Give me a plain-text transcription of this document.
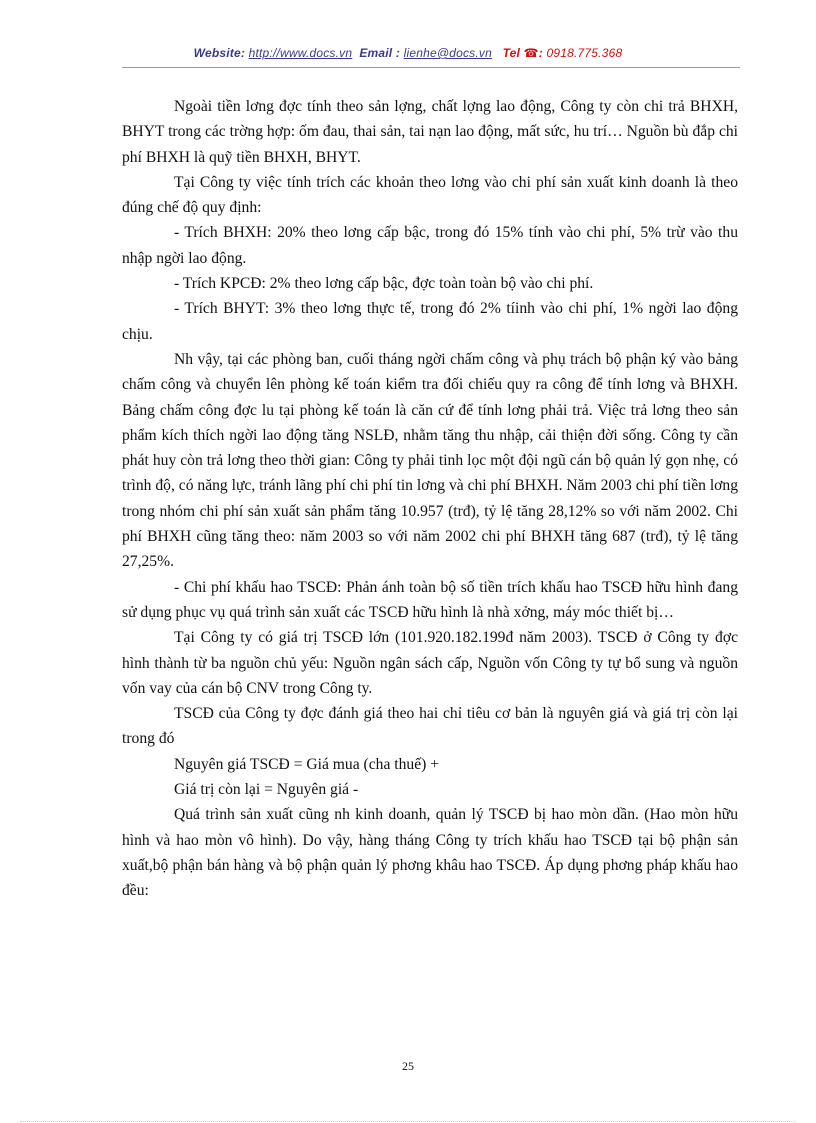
Website: http://www.docs.vn Email : lienhe@docs.vn Tel ☎: 0918.775.368

Ngoài tiền lơng đợc tính theo sản lợng, chất lợng lao động, Công ty còn chi trả BHXH, BHYT trong các trờng hợp: ốm đau, thai sản, tai nạn lao động, mất sức, hu trí… Nguồn bù đắp chi phí BHXH là quỹ tiền BHXH, BHYT.

Tại Công ty việc tính trích các khoản theo lơng vào chi phí sản xuất kinh doanh là theo đúng chế độ quy định:

- Trích BHXH: 20% theo lơng cấp bậc, trong đó 15% tính vào chi phí, 5% trừ vào thu nhập ngời lao động.

- Trích KPCĐ: 2% theo lơng cấp bậc, đợc toàn toàn bộ vào chi phí.

- Trích BHYT: 3% theo lơng thực tế, trong đó 2% tíinh vào chi phí, 1% ngời lao động chịu.

Nh vậy, tại các phòng ban, cuối tháng ngời chấm công và phụ trách bộ phận ký vào bảng chấm công và chuyển lên phòng kế toán kiểm tra đối chiếu quy ra công để tính lơng và BHXH. Bảng chấm công đợc lu tại phòng kế toán là căn cứ để tính lơng phải trả. Việc trả lơng theo sản phẩm kích thích ngời lao động tăng NSLĐ, nhằm tăng thu nhập, cải thiện đời sống. Công ty cần phát huy còn trả lơng theo thời gian: Công ty phải tinh lọc một đội ngũ cán bộ quản lý gọn nhẹ, có trình độ, có năng lực, tránh lãng phí chi phí tin lơng và chi phí BHXH. Năm 2003 chi phí tiền lơng trong nhóm chi phí sản xuất sản phẩm tăng 10.957 (trđ), tỷ lệ tăng 28,12% so với năm 2002. Chi phí BHXH cũng tăng theo: năm 2003 so với năm 2002 chi phí BHXH tăng 687 (trđ), tỷ lệ tăng 27,25%.

- Chi phí khấu hao TSCĐ: Phản ánh toàn bộ số tiền trích khấu hao TSCĐ hữu hình đang sử dụng phục vụ quá trình sản xuất các TSCĐ hữu hình là nhà xởng, máy móc thiết bị…

Tại Công ty có giá trị TSCĐ lớn (101.920.182.199đ năm 2003). TSCĐ ở Công ty đợc hình thành từ ba nguồn chủ yếu: Nguồn ngân sách cấp, Nguồn vốn Công ty tự bổ sung và nguồn vốn vay của cán bộ CNV trong Công ty.

TSCĐ của Công ty đợc đánh giá theo hai chỉ tiêu cơ bản là nguyên giá và giá trị còn lại trong đó

Nguyên giá TSCĐ = Giá mua (cha thuế) +

Giá trị còn lại = Nguyên giá -

Quá trình sản xuất cũng nh kinh doanh, quản lý TSCĐ bị hao mòn dần. (Hao mòn hữu hình và hao mòn vô hình). Do vậy, hàng tháng Công ty trích khấu hao TSCĐ tại bộ phận sản xuất,bộ phận bán hàng và bộ phận quản lý phơng khâu hao TSCĐ. Áp dụng phơng pháp khấu hao đều:

25
